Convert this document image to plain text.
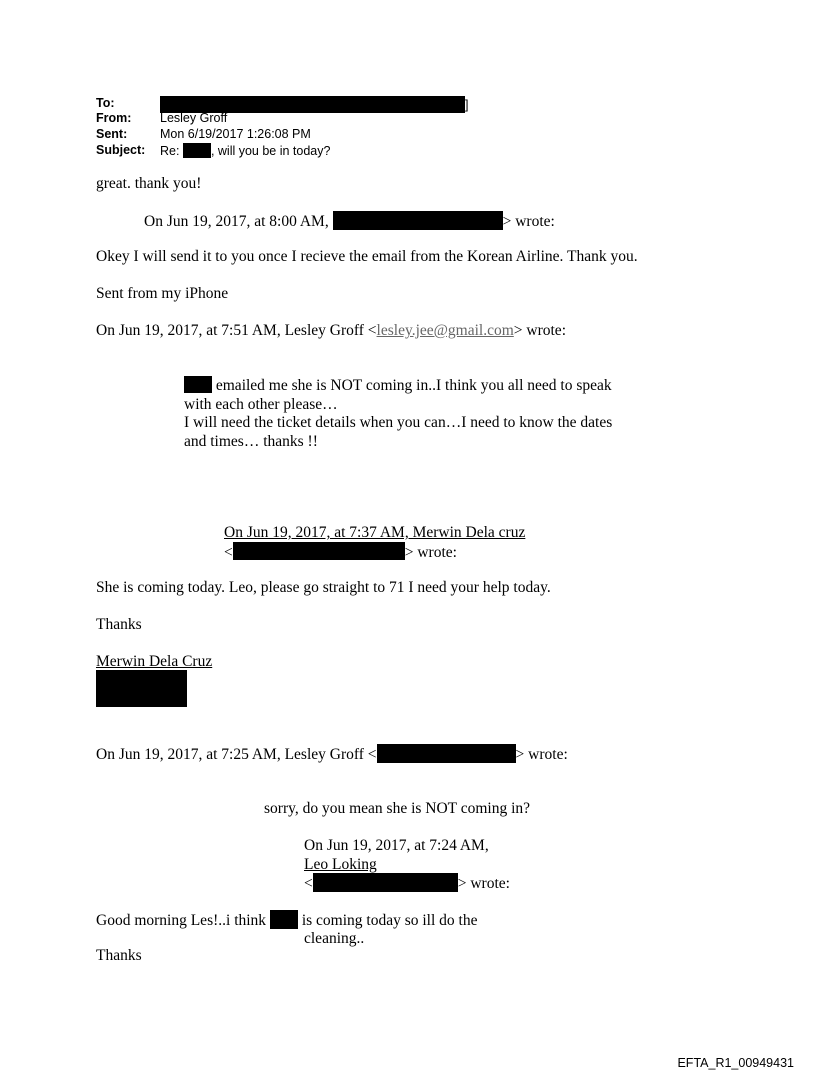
To:	]
From: Lesley Groff
Sent:	Mon 6/19/2017 1:26:08 PM
Subject: Re:	, will you be in today?
great. thank you!
On Jun 19, 2017, at 8:00 AM,	> wrote:
Okey I will send it to you once I recieve the email from the Korean Airline. Thank you.
Sent from my iPhone
On Jun 19, 2017, at 7:51 AM, Lesley Groff <lesley.jee@gmail.com> wrote:
emailed me she is NOT coming in..I think you all need to speak
with each other please…
I will need the ticket details when you can…I need to know the dates
and times… thanks !!
On Jun 19, 2017, at 7:37 AM, Merwin Dela cruz
<	> wrote:
She is coming today. Leo, please go straight to 71 I need your help today.
Thanks
Merwin Dela Cruz
On Jun 19, 2017, at 7:25 AM, Lesley Groff <	> wrote:
sorry, do you mean she is NOT coming in?
On Jun 19, 2017, at 7:24 AM,
Leo Loking
<	> wrote:
Good morning Les!..i think  is coming today so ill do the
cleaning..
Thanks
EFTA_R1_00949431
